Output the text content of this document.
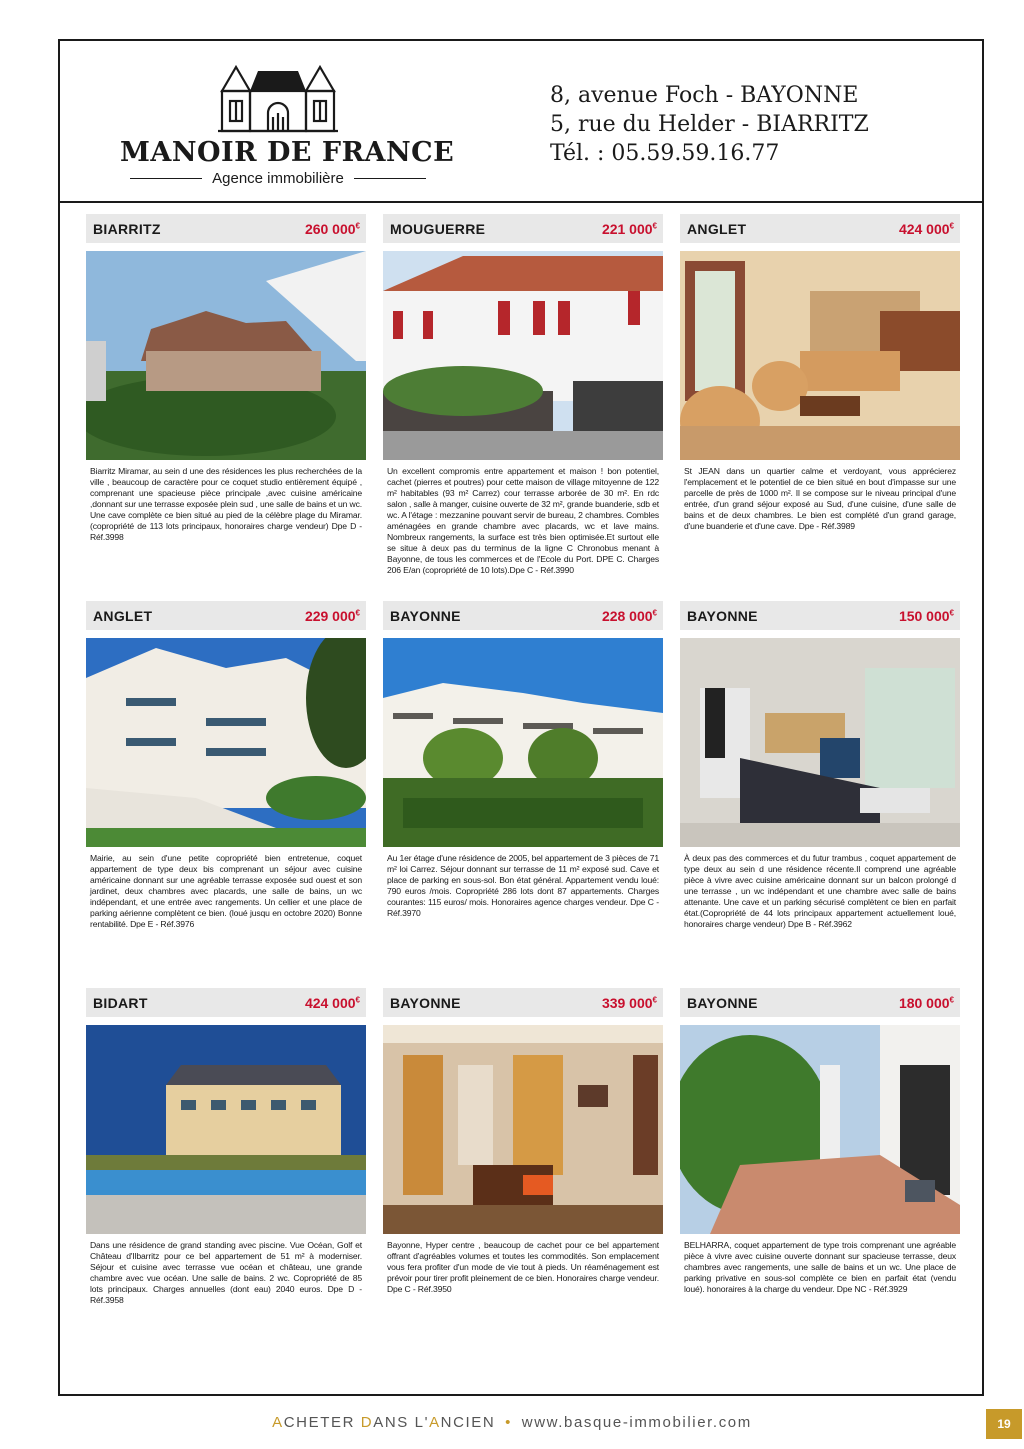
MANOIR DE FRANCE
Agence immobilière
8, avenue Foch - BAYONNE
5, rue du Helder - BIARRITZ
Tél. : 05.59.59.16.77
BIARRITZ	260 000€
Biarritz Miramar, au sein d une des résidences les plus recherchées de la ville , beaucoup de caractère pour ce coquet studio entièrement équipé , comprenant une spacieuse pièce principale ,avec cuisine américaine ,donnant sur une terrasse exposée plein sud , une salle de bains et un wc. Une cave complète ce bien situé au pied de la célèbre plage du Miramar.(copropriété de 113 lots principaux, honoraires charge vendeur) Dpe D - Réf.3998
MOUGUERRE	221 000€
Un excellent compromis entre appartement et maison ! bon potentiel, cachet (pierres et poutres) pour cette maison de village mitoyenne de 122 m² habitables (93 m² Carrez) cour terrasse arborée de 30 m². En rdc salon , salle à manger, cuisine ouverte de 32 m², grande buanderie, sdb et wc. A l'étage : mezzanine pouvant servir de bureau, 2 chambres. Combles aménagées en grande chambre avec placards, wc et lave mains. Nombreux rangements, la surface est très bien optimisée.Et surtout elle se situe à deux pas du terminus de la ligne C Chronobus menant à Bayonne, de tous les commerces et de l'Ecole du Port. DPE C. Charges 206 E/an (copropriété de 10 lots).Dpe C - Réf.3990
ANGLET	424 000€
St JEAN dans un quartier calme et verdoyant, vous apprécierez l'emplacement et le potentiel de ce bien situé en bout d'impasse sur une parcelle de près de 1000 m². Il se compose sur le niveau principal d'une entrée, d'un grand séjour exposé au Sud, d'une cuisine, d'une salle de bains et de deux chambres. Le bien est complété d'un grand garage, d'une buanderie et d'une cave. Dpe - Réf.3989
ANGLET	229 000€
Mairie, au sein d'une petite copropriété bien entretenue, coquet appartement de type deux bis comprenant un séjour avec cuisine américaine donnant sur une agréable terrasse exposée sud ouest et son jardinet, deux chambres avec placards, une salle de bains, un wc indépendant, et une entrée avec rangements. Un cellier et une place de parking aérienne complètent ce bien. (loué jusqu en octobre 2020) Bonne rentabilité. Dpe E - Réf.3976
BAYONNE	228 000€
Au 1er étage d'une résidence de 2005, bel appartement de 3 pièces de 71 m² loi Carrez. Séjour donnant sur terrasse de 11 m² exposé sud. Cave et place de parking en sous-sol. Bon état général. Appartement vendu loué: 790 euros /mois. Copropriété 286 lots dont 87 appartements. Charges courantes: 115 euros/ mois. Honoraires agence charges vendeur. Dpe C - Réf.3970
BAYONNE	150 000€
À deux pas des commerces et du futur trambus , coquet appartement de type deux au sein d une résidence récente.Il comprend une agréable pièce à vivre avec cuisine américaine donnant sur un balcon prolongé d une terrasse , un wc indépendant et une chambre avec salle de bains attenante. Une cave et un parking sécurisé complètent ce bien en parfait état.(Copropriété de 44 lots principaux appartement actuellement loué, honoraires charge vendeur) Dpe B - Réf.3962
BIDART	424 000€
Dans une résidence de grand standing avec piscine. Vue Océan, Golf et Château d'Ilbarritz pour ce bel appartement de 51 m² à moderniser. Séjour et cuisine avec terrasse vue océan et château, une grande chambre avec vue océan. Une salle de bains. 2 wc. Copropriété de 85 lots principaux. Charges annuelles (dont eau) 2040 euros. Dpe D - Réf.3958
BAYONNE	339 000€
Bayonne, Hyper centre , beaucoup de cachet pour ce bel appartement offrant d'agréables volumes et toutes les commodités. Son emplacement vous fera profiter d'un mode de vie tout à pieds. Un réaménagement est prévoir pour tirer profit pleinement de ce bien. Honoraires charge vendeur. Dpe C - Réf.3950
BAYONNE	180 000€
BELHARRA, coquet appartement de type trois comprenant une agréable pièce à vivre avec cuisine ouverte donnant sur spacieuse terrasse, deux chambres avec rangements, une salle de bains et un wc. Une place de parking privative en sous-sol complète ce bien en parfait état (vendu loué). honoraires à la charge du vendeur. Dpe NC - Réf.3929
ACHETER DANS L'ANCIEN • www.basque-immobilier.com	19
